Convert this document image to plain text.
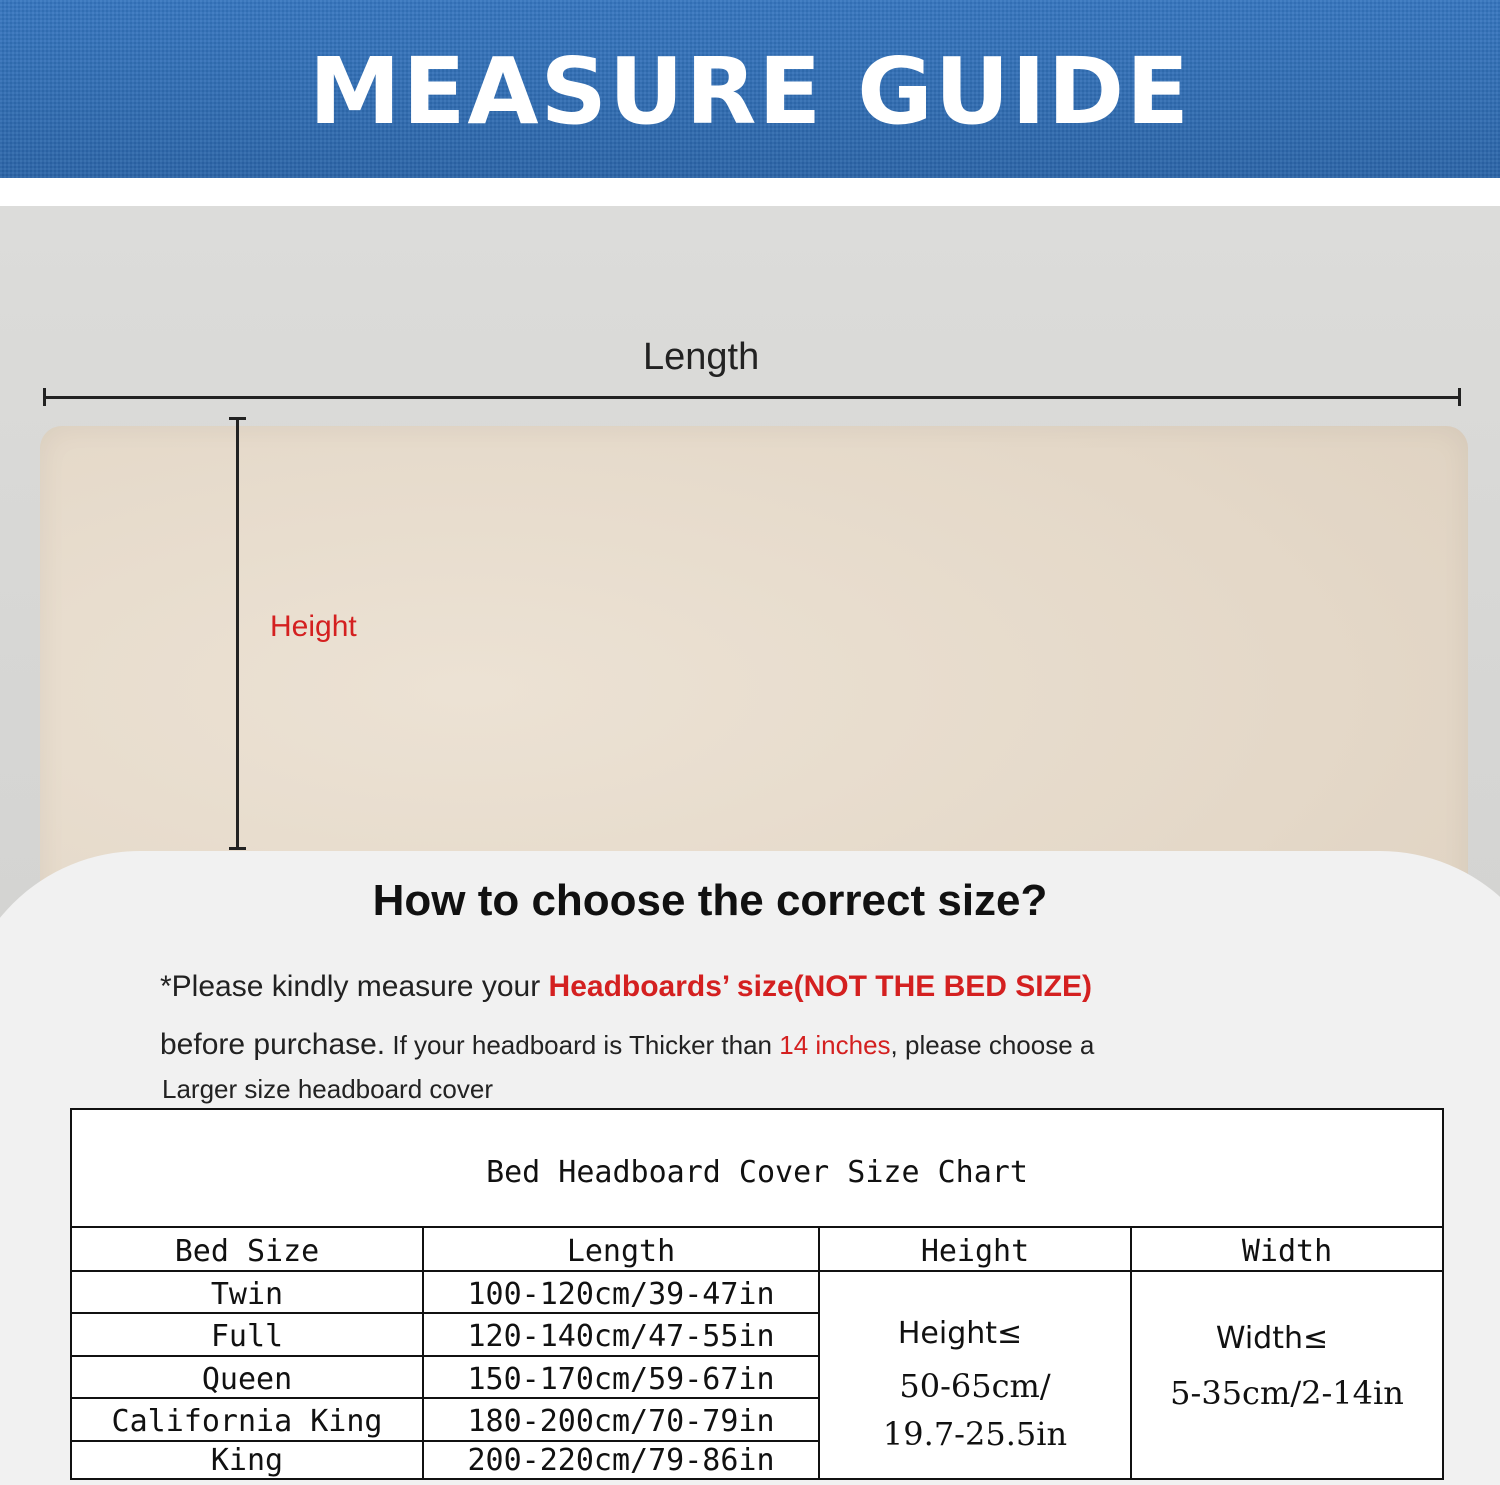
MEASURE GUIDE
Length
Height
How to choose the correct size?
*Please kindly measure your Headboards’ size(NOT THE BED SIZE)
before purchase. If your headboard is Thicker than 14 inches, please choose a
Larger size headboard cover
Bed Headboard Cover Size Chart
Bed Size	Length	Height	Width
Twin	100-120cm/39-47in
Full	120-140cm/47-55in
Queen	150-170cm/59-67in
California King	180-200cm/70-79in
King	200-220cm/79-86in
Height≤
50-65cm/
19.7-25.5in
Width≤
5-35cm/2-14in
